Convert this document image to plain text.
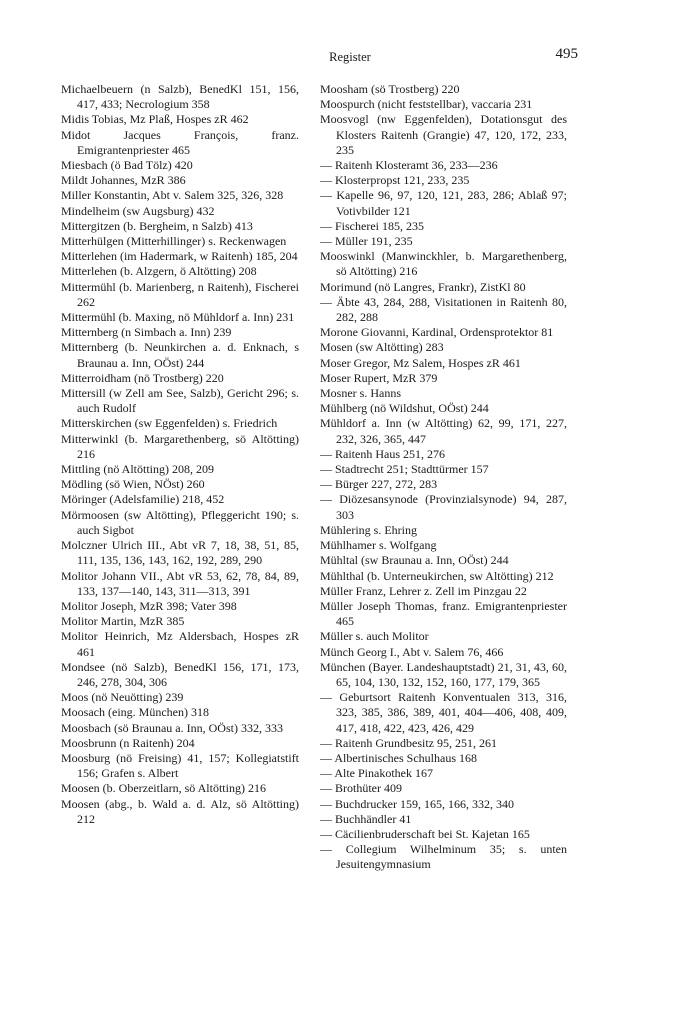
Register	495

Michaelbeuern (n Salzb), BenedKl 151, 156, 417, 433; Necrologium 358

Midis Tobias, Mz Plaß, Hospes zR 462

Midot Jacques François, franz. Emigrantenpriester 465

Miesbach (ö Bad Tölz) 420

Mildt Johannes, MzR 386

Miller Konstantin, Abt v. Salem 325, 326, 328

Mindelheim (sw Augsburg) 432

Mittergitzen (b. Bergheim, n Salzb) 413

Mitterhülgen (Mitterhillinger) s. Reckenwagen

Mitterlehen (im Hadermark, w Raitenh) 185, 204

Mitterlehen (b. Alzgern, ö Altötting) 208

Mittermühl (b. Marienberg, n Raitenh), Fischerei 262

Mittermühl (b. Maxing, nö Mühldorf a. Inn) 231

Mitternberg (n Simbach a. Inn) 239

Mitternberg (b. Neunkirchen a. d. Enknach, s Braunau a. Inn, OÖst) 244

Mitterroidham (nö Trostberg) 220

Mittersill (w Zell am See, Salzb), Gericht 296; s. auch Rudolf

Mitterskirchen (sw Eggenfelden) s. Friedrich

Mitterwinkl (b. Margarethenberg, sö Altötting) 216

Mittling (nö Altötting) 208, 209

Mödling (sö Wien, NÖst) 260

Möringer (Adelsfamilie) 218, 452

Mörmoosen (sw Altötting), Pfleggericht 190; s. auch Sigbot

Molczner Ulrich III., Abt vR 7, 18, 38, 51, 85, 111, 135, 136, 143, 162, 192, 289, 290

Molitor Johann VII., Abt vR 53, 62, 78, 84, 89, 133, 137—140, 143, 311—313, 391

Molitor Joseph, MzR 398; Vater 398

Molitor Martin, MzR 385

Molitor Heinrich, Mz Aldersbach, Hospes zR 461

Mondsee (nö Salzb), BenedKl 156, 171, 173, 246, 278, 304, 306

Moos (nö Neuötting) 239

Moosach (eing. München) 318

Moosbach (sö Braunau a. Inn, OÖst) 332, 333

Moosbrunn (n Raitenh) 204

Moosburg (nö Freising) 41, 157; Kollegiatstift 156; Grafen s. Albert

Moosen (b. Oberzeitlarn, sö Altötting) 216

Moosen (abg., b. Wald a. d. Alz, sö Altötting) 212

Moosham (sö Trostberg) 220

Moospurch (nicht feststellbar), vaccaria 231

Moosvogl (nw Eggenfelden), Dotationsgut des Klosters Raitenh (Grangie) 47, 120, 172, 233, 235

— Raitenh Klosteramt 36, 233—236

— Klosterpropst 121, 233, 235

— Kapelle 96, 97, 120, 121, 283, 286; Ablaß 97; Votivbilder 121

— Fischerei 185, 235

— Müller 191, 235

Mooswinkl (Manwinckhler, b. Margarethenberg, sö Altötting) 216

Morimund (nö Langres, Frankr), ZistKl 80

— Äbte 43, 284, 288, Visitationen in Raitenh 80, 282, 288

Morone Giovanni, Kardinal, Ordensprotektor 81

Mosen (sw Altötting) 283

Moser Gregor, Mz Salem, Hospes zR 461

Moser Rupert, MzR 379

Mosner s. Hanns

Mühlberg (nö Wildshut, OÖst) 244

Mühldorf a. Inn (w Altötting) 62, 99, 171, 227, 232, 326, 365, 447

— Raitenh Haus 251, 276

— Stadtrecht 251; Stadttürmer 157

— Bürger 227, 272, 283

— Diözesansynode (Provinzialsynode) 94, 287, 303

Mühlering s. Ehring

Mühlhamer s. Wolfgang

Mühltal (sw Braunau a. Inn, OÖst) 244

Mühlthal (b. Unterneukirchen, sw Altötting) 212

Müller Franz, Lehrer z. Zell im Pinzgau 22

Müller Joseph Thomas, franz. Emigrantenpriester 465

Müller s. auch Molitor

Münch Georg I., Abt v. Salem 76, 466

München (Bayer. Landeshauptstadt) 21, 31, 43, 60, 65, 104, 130, 132, 152, 160, 177, 179, 365

— Geburtsort Raitenh Konventualen 313, 316, 323, 385, 386, 389, 401, 404—406, 408, 409, 417, 418, 422, 423, 426, 429

— Raitenh Grundbesitz 95, 251, 261

— Albertinisches Schulhaus 168

— Alte Pinakothek 167

— Brothüter 409

— Buchdrucker 159, 165, 166, 332, 340

— Buchhändler 41

— Cäcilienbruderschaft bei St. Kajetan 165

— Collegium Wilhelminum 35; s. unten Jesuitengymnasium
